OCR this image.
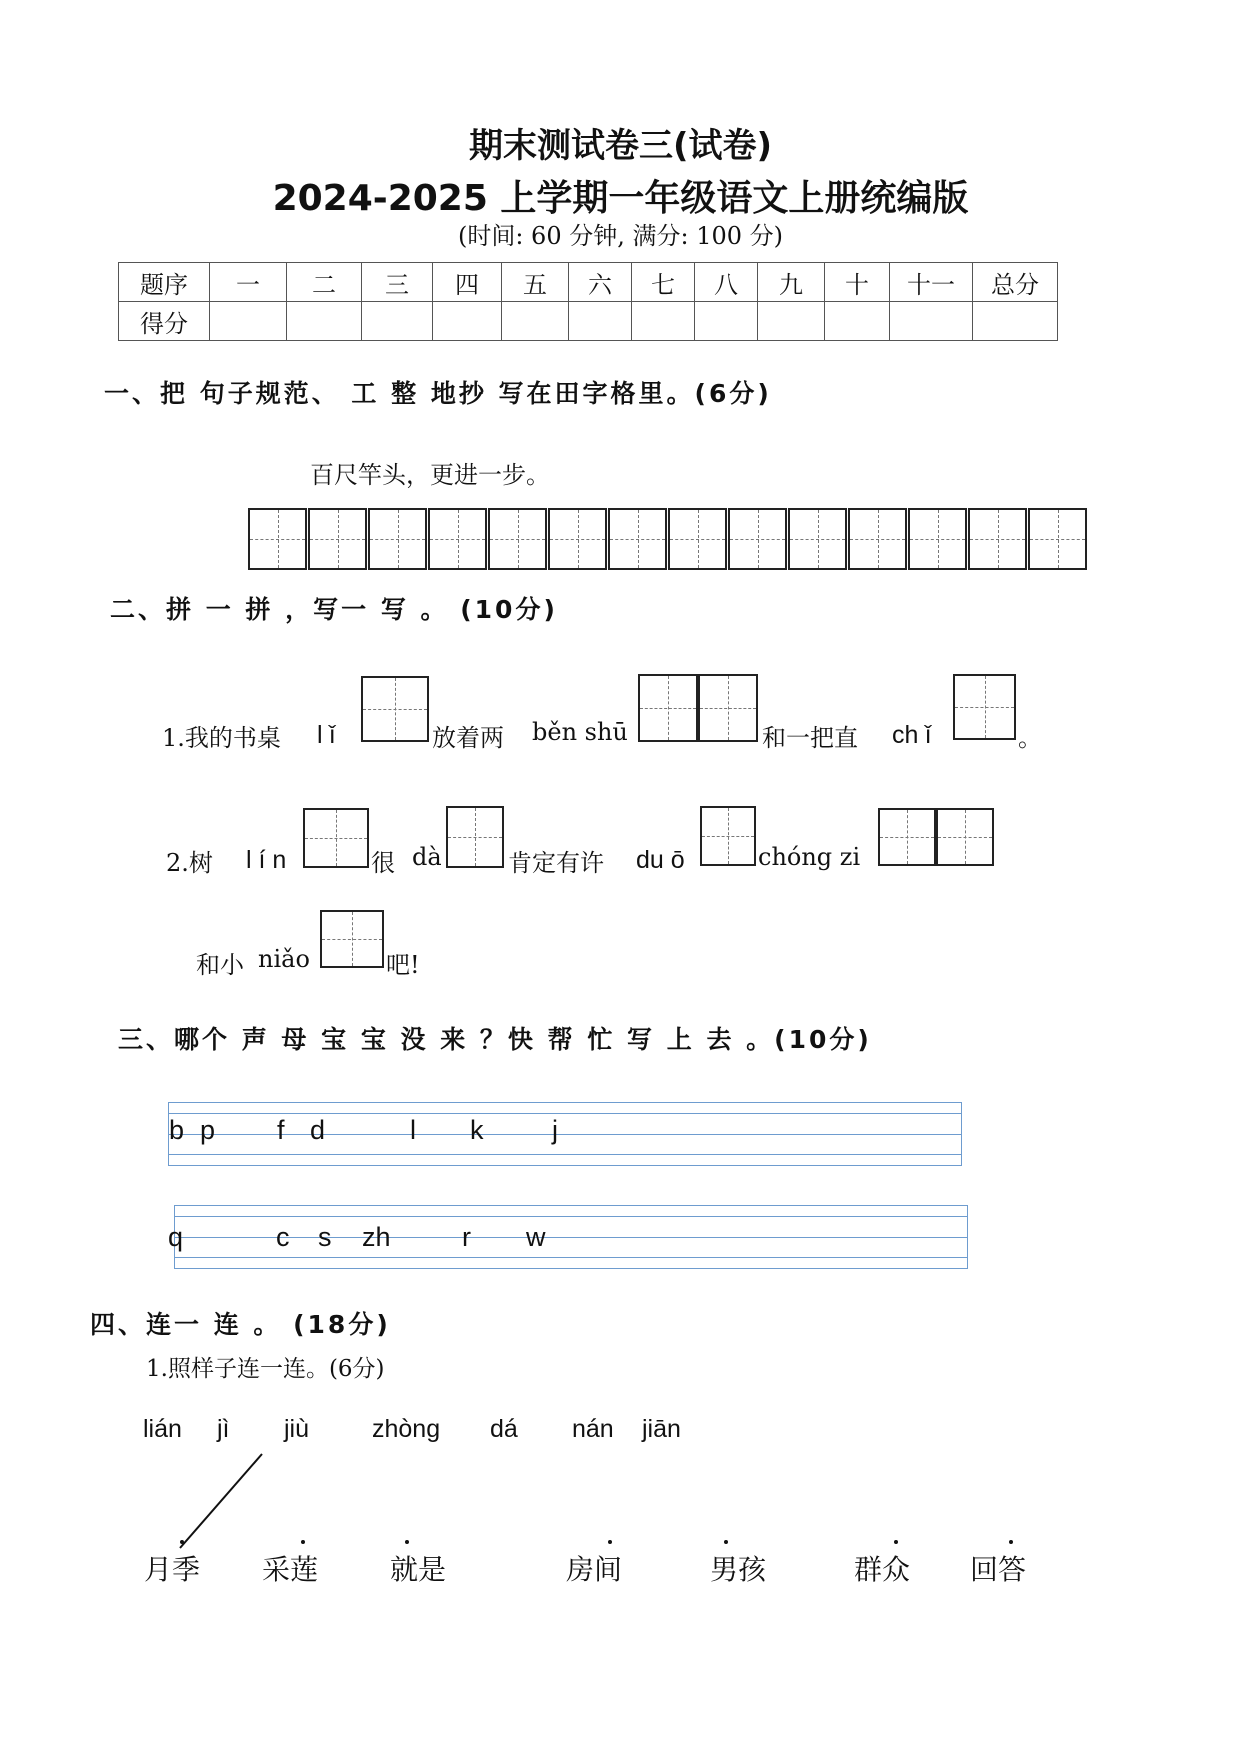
期末测试卷三(试卷)
2024-2025 上学期一年级语文上册统编版
(时间: 60 分钟, 满分: 100 分)
题序	一	二	三	四	五	六	七	八	九	十	十一	总分
得分												
一、把 句子规范、 工 整 地抄 写在田字格里。(6分)
百尺竿头，更进一步。
二、拼 一 拼 ，写一 写 。 (10分)
1.我的书桌 l ǐ	放着两 běn shū	和一把直 ch ǐ	。
2.树 l í n	很 dà	肯定有许 du ō	chóng zi
和小 niǎo	吧!
三、哪个 声 母 宝 宝 没 来 ？快 帮 忙 写 上 去 。(10分)
b p f d	l k	j
q	c s zh	r w
四、连一 连 。 (18分)
1.照样子连一连。(6分)
lián jì jiù	zhòng dá nán jiān
月季 采莲	就是	房间	男孩	群众 回答
